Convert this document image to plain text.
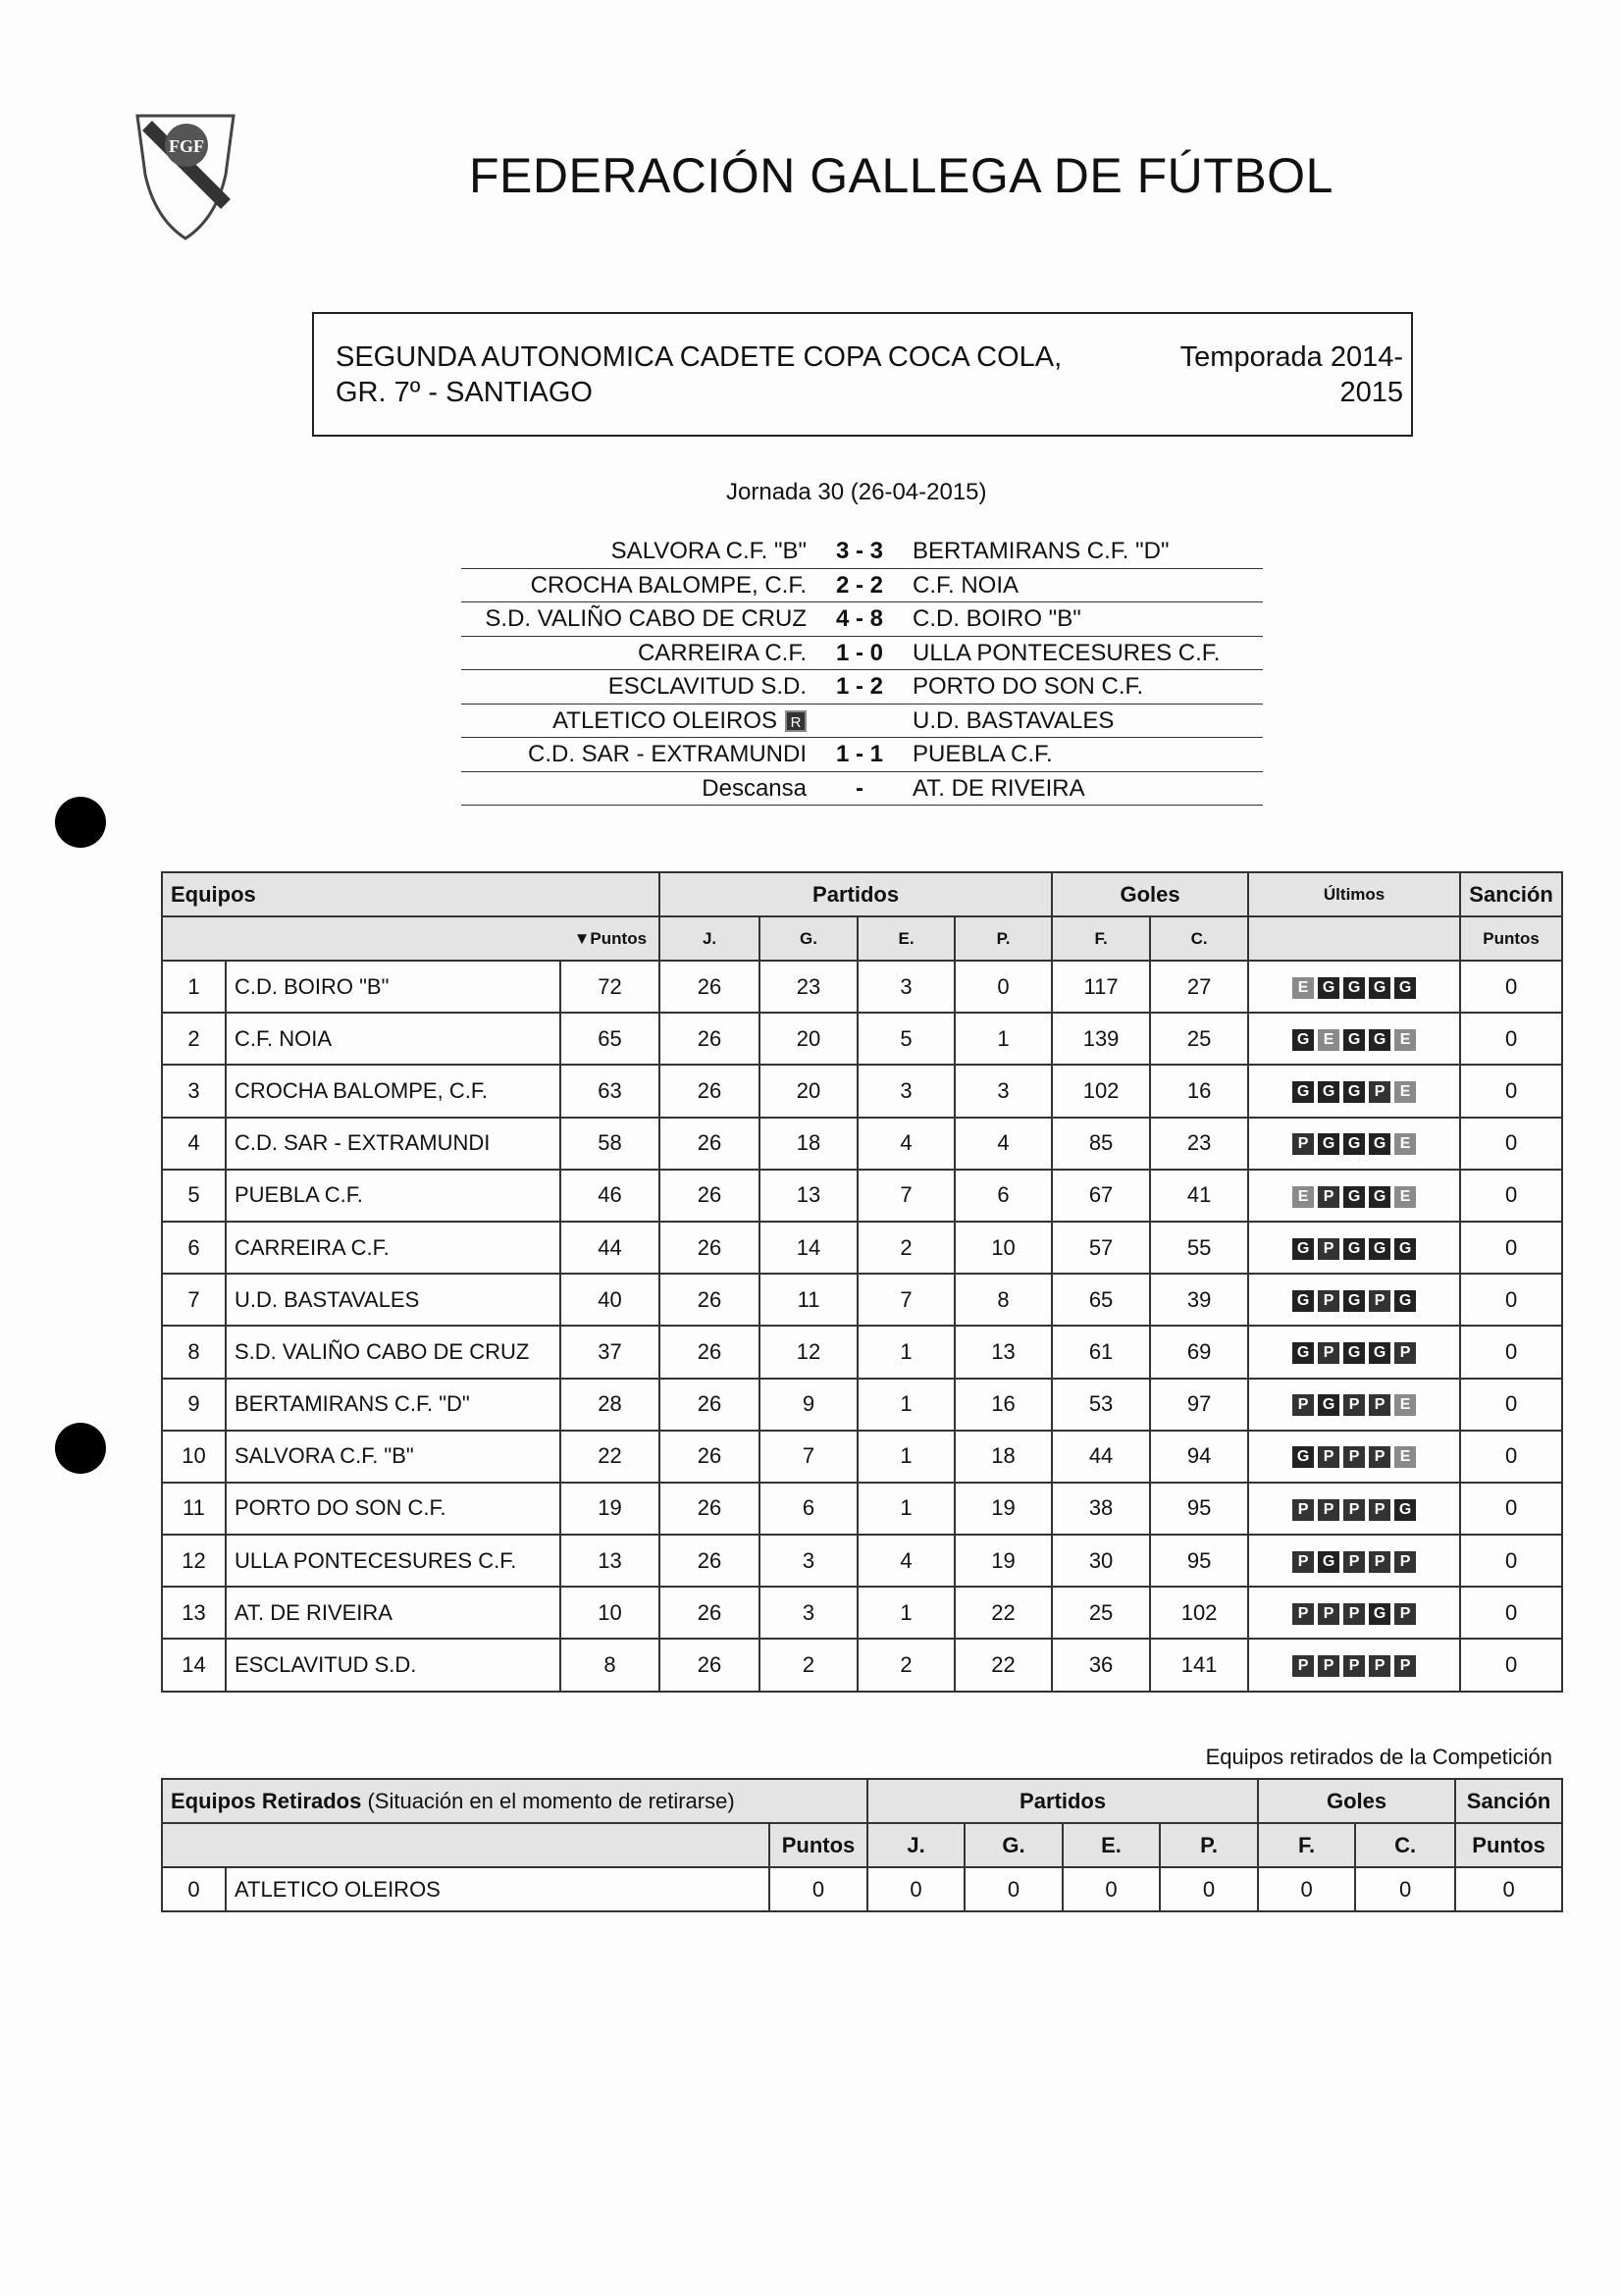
FGF
FEDERACIÓN GALLEGA DE FÚTBOL
SEGUNDA AUTONOMICA CADETE COPA COCA COLA,
GR. 7º - SANTIAGO
Temporada 2014-
2015
Jornada 30 (26-04-2015)
SALVORA C.F. "B"	3 - 3	BERTAMIRANS C.F. "D"
CROCHA BALOMPE, C.F.	2 - 2	C.F. NOIA
S.D. VALIÑO CABO DE CRUZ	4 - 8	C.D. BOIRO "B"
CARREIRA C.F.	1 - 0	ULLA PONTECESURES C.F.
ESCLAVITUD S.D.	1 - 2	PORTO DO SON C.F.
ATLETICO OLEIROS R	U.D. BASTAVALES
C.D. SAR - EXTRAMUNDI	1 - 1	PUEBLA C.F.
Descansa	-	AT. DE RIVEIRA
Equipos			Partidos				Goles		Últimos	Sanción
▼Puntos			J.	G.	E.	P.	F.	C.		Puntos
1	C.D. BOIRO "B"	72	26	23	3	0	117	27	E G G G G	0
2	C.F. NOIA	65	26	20	5	1	139	25	G E G G E	0
3	CROCHA BALOMPE, C.F.	63	26	20	3	3	102	16	G G G P E	0
4	C.D. SAR - EXTRAMUNDI	58	26	18	4	4	85	23	P G G G E	0
5	PUEBLA C.F.	46	26	13	7	6	67	41	E P G G E	0
6	CARREIRA C.F.	44	26	14	2	10	57	55	G P G G G	0
7	U.D. BASTAVALES	40	26	11	7	8	65	39	G P G P G	0
8	S.D. VALIÑO CABO DE CRUZ	37	26	12	1	13	61	69	G P G G P	0
9	BERTAMIRANS C.F. "D"	28	26	9	1	16	53	97	P G P P E	0
10	SALVORA C.F. "B"	22	26	7	1	18	44	94	G P P P E	0
11	PORTO DO SON C.F.	19	26	6	1	19	38	95	P P P P G	0
12	ULLA PONTECESURES C.F.	13	26	3	4	19	30	95	P G P P P	0
13	AT. DE RIVEIRA	10	26	3	1	22	25	102	P P P G P	0
14	ESCLAVITUD S.D.	8	26	2	2	22	36	141	P P P P P	0
Equipos retirados de la Competición
Equipos Retirados (Situación en el momento de retirarse)			Partidos				Goles		Sanción
		Puntos	J.	G.	E.	P.	F.	C.	Puntos
0	ATLETICO OLEIROS	0	0	0	0	0	0	0	0
